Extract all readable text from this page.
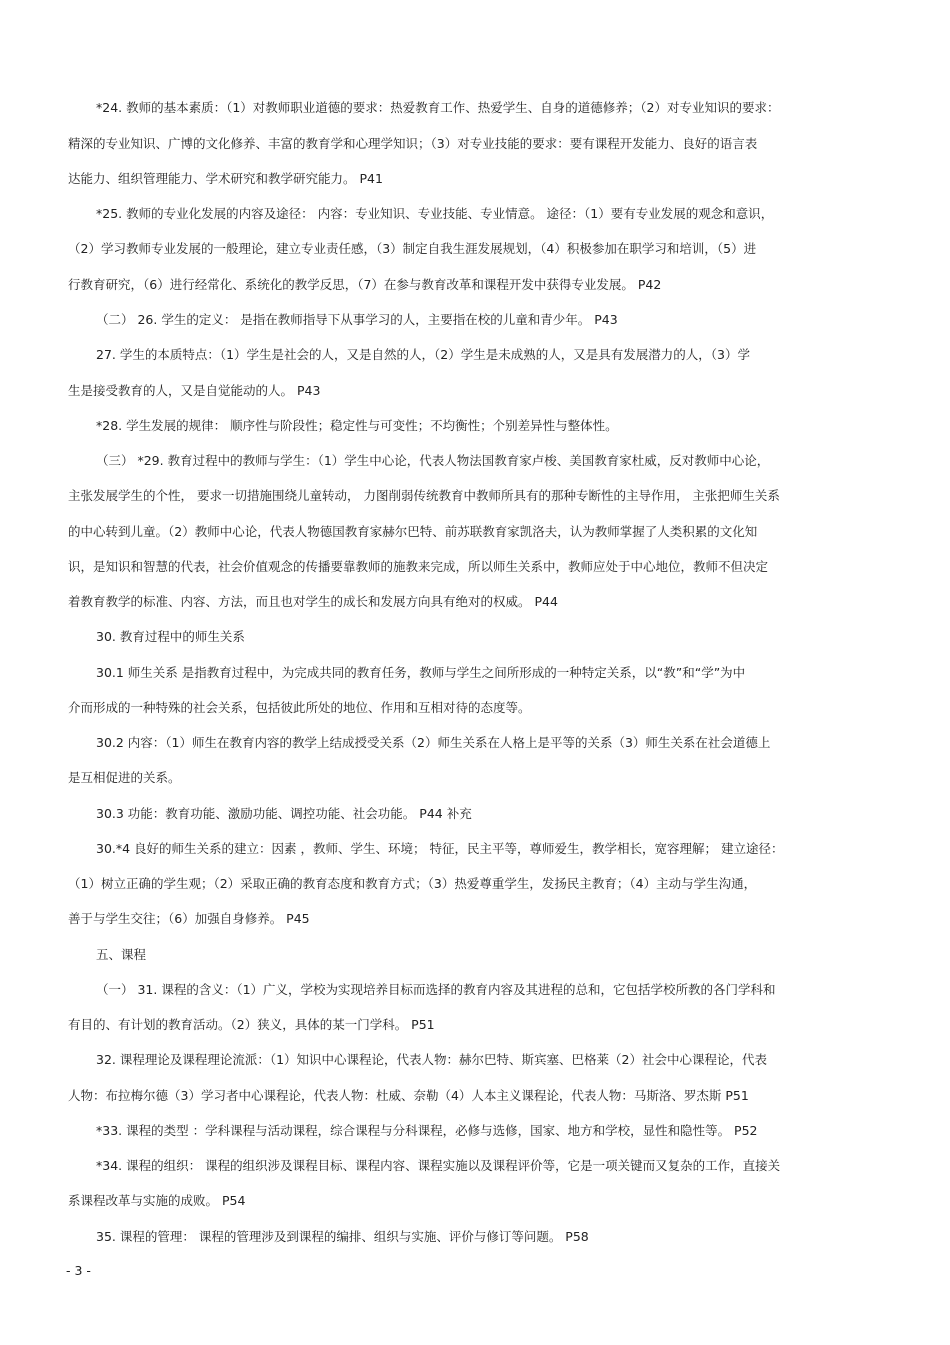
*24. 教师的基本素质：（1）对教师职业道德的要求：热爱教育工作、热爱学生、自身的道德修养；（2）对专业知识的要求：
精深的专业知识、广博的文化修养、丰富的教育学和心理学知识；（3）对专业技能的要求：要有课程开发能力、良好的语言表
达能力、组织管理能力、学术研究和教学研究能力。 P41
*25. 教师的专业化发展的内容及途径： 内容：专业知识、专业技能、专业情意。 途径：（1）要有专业发展的观念和意识，
（2）学习教师专业发展的一般理论，建立专业责任感，（3）制定自我生涯发展规划，（4）积极参加在职学习和培训，（5）进
行教育研究，（6）进行经常化、系统化的教学反思，（7）在参与教育改革和课程开发中获得专业发展。 P42
（二） 26. 学生的定义： 是指在教师指导下从事学习的人，主要指在校的儿童和青少年。 P43
27. 学生的本质特点：（1）学生是社会的人，又是自然的人，（2）学生是未成熟的人，又是具有发展潜力的人，（3）学
生是接受教育的人，又是自觉能动的人。 P43
*28. 学生发展的规律： 顺序性与阶段性；稳定性与可变性；不均衡性；个别差异性与整体性。
（三） *29. 教育过程中的教师与学生：（1）学生中心论，代表人物法国教育家卢梭、美国教育家杜威，反对教师中心论，
主张发展学生的个性， 要求一切措施围绕儿童转动， 力图削弱传统教育中教师所具有的那种专断性的主导作用， 主张把师生关系
的中心转到儿童。（2）教师中心论，代表人物德国教育家赫尔巴特、前苏联教育家凯洛夫，认为教师掌握了人类积累的文化知
识，是知识和智慧的代表，社会价值观念的传播要靠教师的施教来完成，所以师生关系中，教师应处于中心地位，教师不但决定
着教育教学的标准、内容、方法，而且也对学生的成长和发展方向具有绝对的权威。 P44
30. 教育过程中的师生关系
30.1 师生关系 是指教育过程中，为完成共同的教育任务，教师与学生之间所形成的一种特定关系，以“教”和“学”为中
介而形成的一种特殊的社会关系，包括彼此所处的地位、作用和互相对待的态度等。
30.2 内容：（1）师生在教育内容的教学上结成授受关系（2）师生关系在人格上是平等的关系（3）师生关系在社会道德上
是互相促进的关系。
30.3 功能：教育功能、激励功能、调控功能、社会功能。 P44 补充
30.*4 良好的师生关系的建立：因素 ，教师、学生、环境； 特征，民主平等，尊师爱生，教学相长，宽容理解； 建立途径：
（1）树立正确的学生观；（2）采取正确的教育态度和教育方式；（3）热爱尊重学生，发扬民主教育；（4）主动与学生沟通，
善于与学生交往；（6）加强自身修养。 P45
五、课程
（一） 31. 课程的含义：（1）广义，学校为实现培养目标而选择的教育内容及其进程的总和，它包括学校所教的各门学科和
有目的、有计划的教育活动。（2）狭义，具体的某一门学科。 P51
32. 课程理论及课程理论流派：（1）知识中心课程论，代表人物：赫尔巴特、斯宾塞、巴格莱（2）社会中心课程论，代表
人物：布拉梅尔德（3）学习者中心课程论，代表人物：杜威、奈勒（4）人本主义课程论，代表人物：马斯洛、罗杰斯 P51
*33. 课程的类型 ：学科课程与活动课程，综合课程与分科课程，必修与选修，国家、地方和学校，显性和隐性等。 P52
*34. 课程的组织： 课程的组织涉及课程目标、课程内容、课程实施以及课程评价等，它是一项关键而又复杂的工作，直接关
系课程改革与实施的成败。 P54
35. 课程的管理： 课程的管理涉及到课程的编排、组织与实施、评价与修订等问题。 P58
- 3 -
